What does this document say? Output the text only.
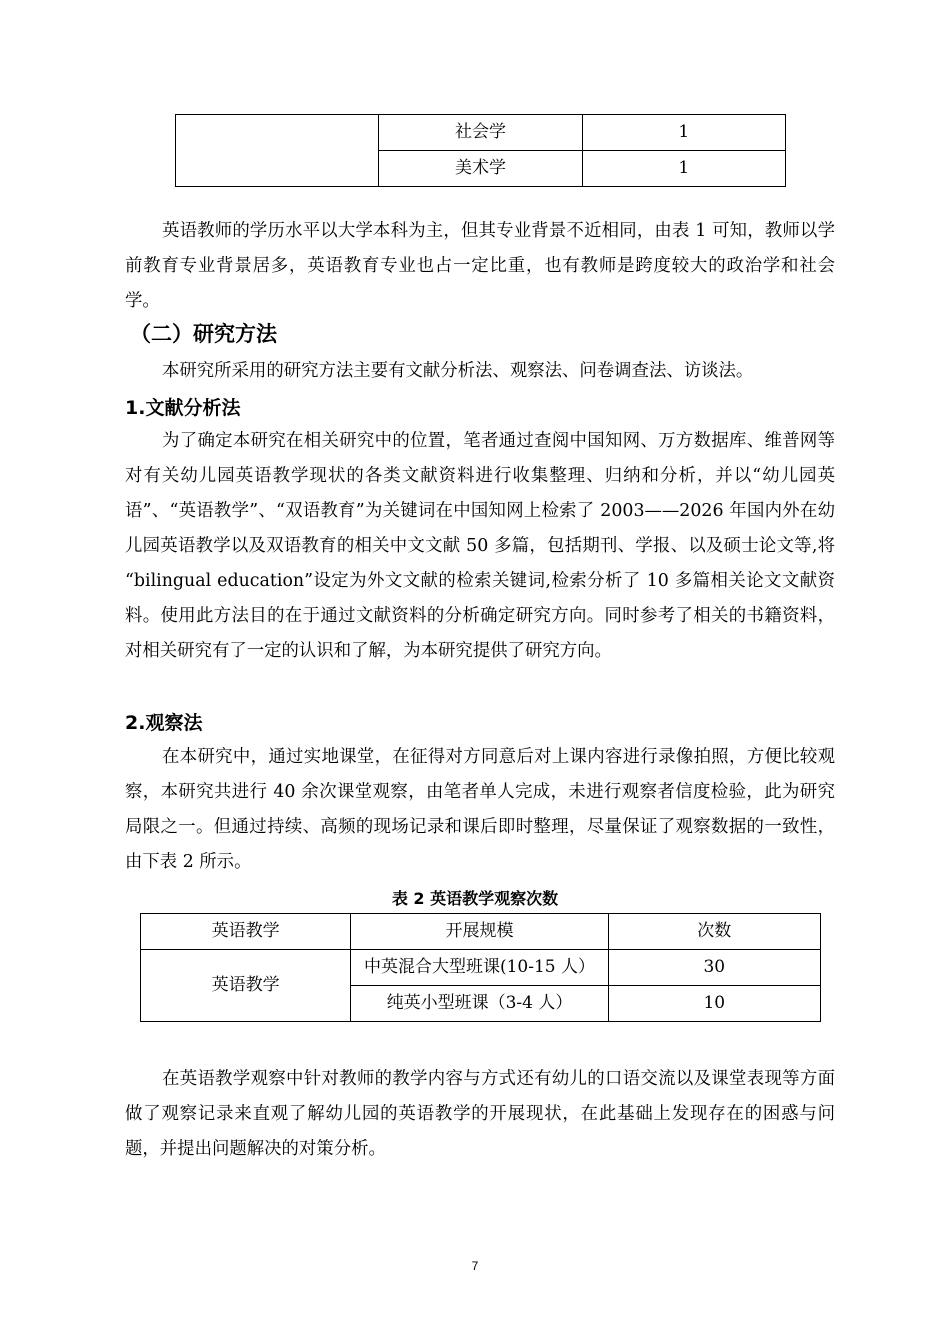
	社会学	1
	美术学	1

英语教师的学历水平以大学本科为主，但其专业背景不近相同，由表 1 可知，教师以学前教育专业背景居多，英语教育专业也占一定比重，也有教师是跨度较大的政治学和社会学。

（二）研究方法

本研究所采用的研究方法主要有文献分析法、观察法、问卷调查法、访谈法。

1.文献分析法

为了确定本研究在相关研究中的位置，笔者通过查阅中国知网、万方数据库、维普网等对有关幼儿园英语教学现状的各类文献资料进行收集整理、归纳和分析，并以“幼儿园英语”、“英语教学”、“双语教育”为关键词在中国知网上检索了 2003——2026 年国内外在幼儿园英语教学以及双语教育的相关中文文献 50 多篇，包括期刊、学报、以及硕士论文等,将 “bilingual education”设定为外文文献的检索关键词,检索分析了 10 多篇相关论文文献资料。使用此方法目的在于通过文献资料的分析确定研究方向。同时参考了相关的书籍资料，对相关研究有了一定的认识和了解，为本研究提供了研究方向。

2.观察法

在本研究中，通过实地课堂，在征得对方同意后对上课内容进行录像拍照，方便比较观察，本研究共进行 40 余次课堂观察，由笔者单人完成，未进行观察者信度检验，此为研究局限之一。但通过持续、高频的现场记录和课后即时整理，尽量保证了观察数据的一致性，由下表 2 所示。

表 2 英语教学观察次数

英语教学	开展规模	次数
英语教学	中英混合大型班课(10-15 人）	30
	纯英小型班课（3-4 人）	10

在英语教学观察中针对教师的教学内容与方式还有幼儿的口语交流以及课堂表现等方面做了观察记录来直观了解幼儿园的英语教学的开展现状，在此基础上发现存在的困惑与问题，并提出问题解决的对策分析。

7
